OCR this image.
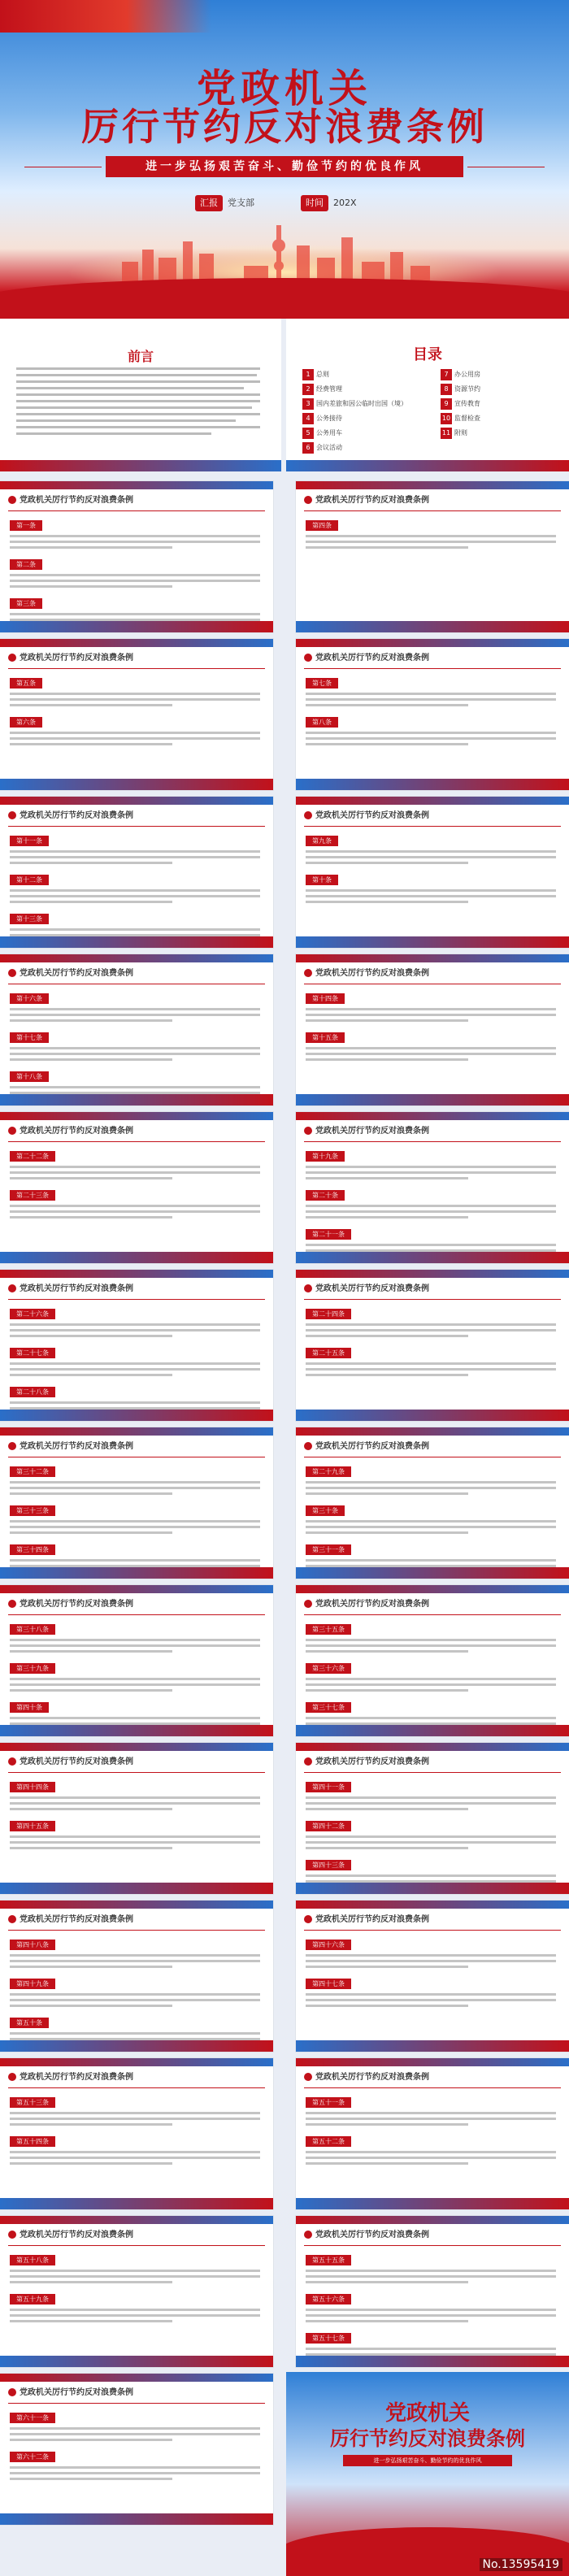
党政机关
厉行节约反对浪费条例
进一步弘扬艰苦奋斗、勤俭节约的优良作风
汇报 党支部	时间 202X
前言	目录
1 总则
2 经费管理
3 国内差旅和因公临时出国（境）
4 公务接待
5 公务用车
6 会议活动
7 办公用房
8 资源节约
9 宣传教育
10 监督检查
11 附则
党政机关厉行节约反对浪费条例
第一条第二条第三条
党政机关厉行节约反对浪费条例
第五条第六条
党政机关厉行节约反对浪费条例
第十一条第十二条第十三条
党政机关厉行节约反对浪费条例
第十六条第十七条第十八条
党政机关厉行节约反对浪费条例
第二十二条第二十三条
党政机关厉行节约反对浪费条例
第二十六条第二十七条第二十八条
党政机关厉行节约反对浪费条例
第三十二条第三十三条第三十四条
党政机关厉行节约反对浪费条例
第三十八条第三十九条第四十条
党政机关厉行节约反对浪费条例
第四十四条第四十五条
党政机关厉行节约反对浪费条例
第四十八条第四十九条第五十条
党政机关厉行节约反对浪费条例
第五十三条第五十四条
党政机关厉行节约反对浪费条例
第五十八条第五十九条
党政机关厉行节约反对浪费条例
第六十一条第六十二条
党政机关厉行节约反对浪费条例
第四条
党政机关厉行节约反对浪费条例
第七条第八条
党政机关厉行节约反对浪费条例
第九条第十条
党政机关厉行节约反对浪费条例
第十四条第十五条
党政机关厉行节约反对浪费条例
第十九条第二十条第二十一条
党政机关厉行节约反对浪费条例
第二十四条第二十五条
党政机关厉行节约反对浪费条例
第二十九条第三十条第三十一条
党政机关厉行节约反对浪费条例
第三十五条第三十六条第三十七条
党政机关厉行节约反对浪费条例
第四十一条第四十二条第四十三条
党政机关厉行节约反对浪费条例
第四十六条第四十七条
党政机关厉行节约反对浪费条例
第五十一条第五十二条
党政机关厉行节约反对浪费条例
第五十五条第五十六条第五十七条
党政机关
厉行节约反对浪费条例
进一步弘扬艰苦奋斗、勤俭节约的优良作风
No.13595419
